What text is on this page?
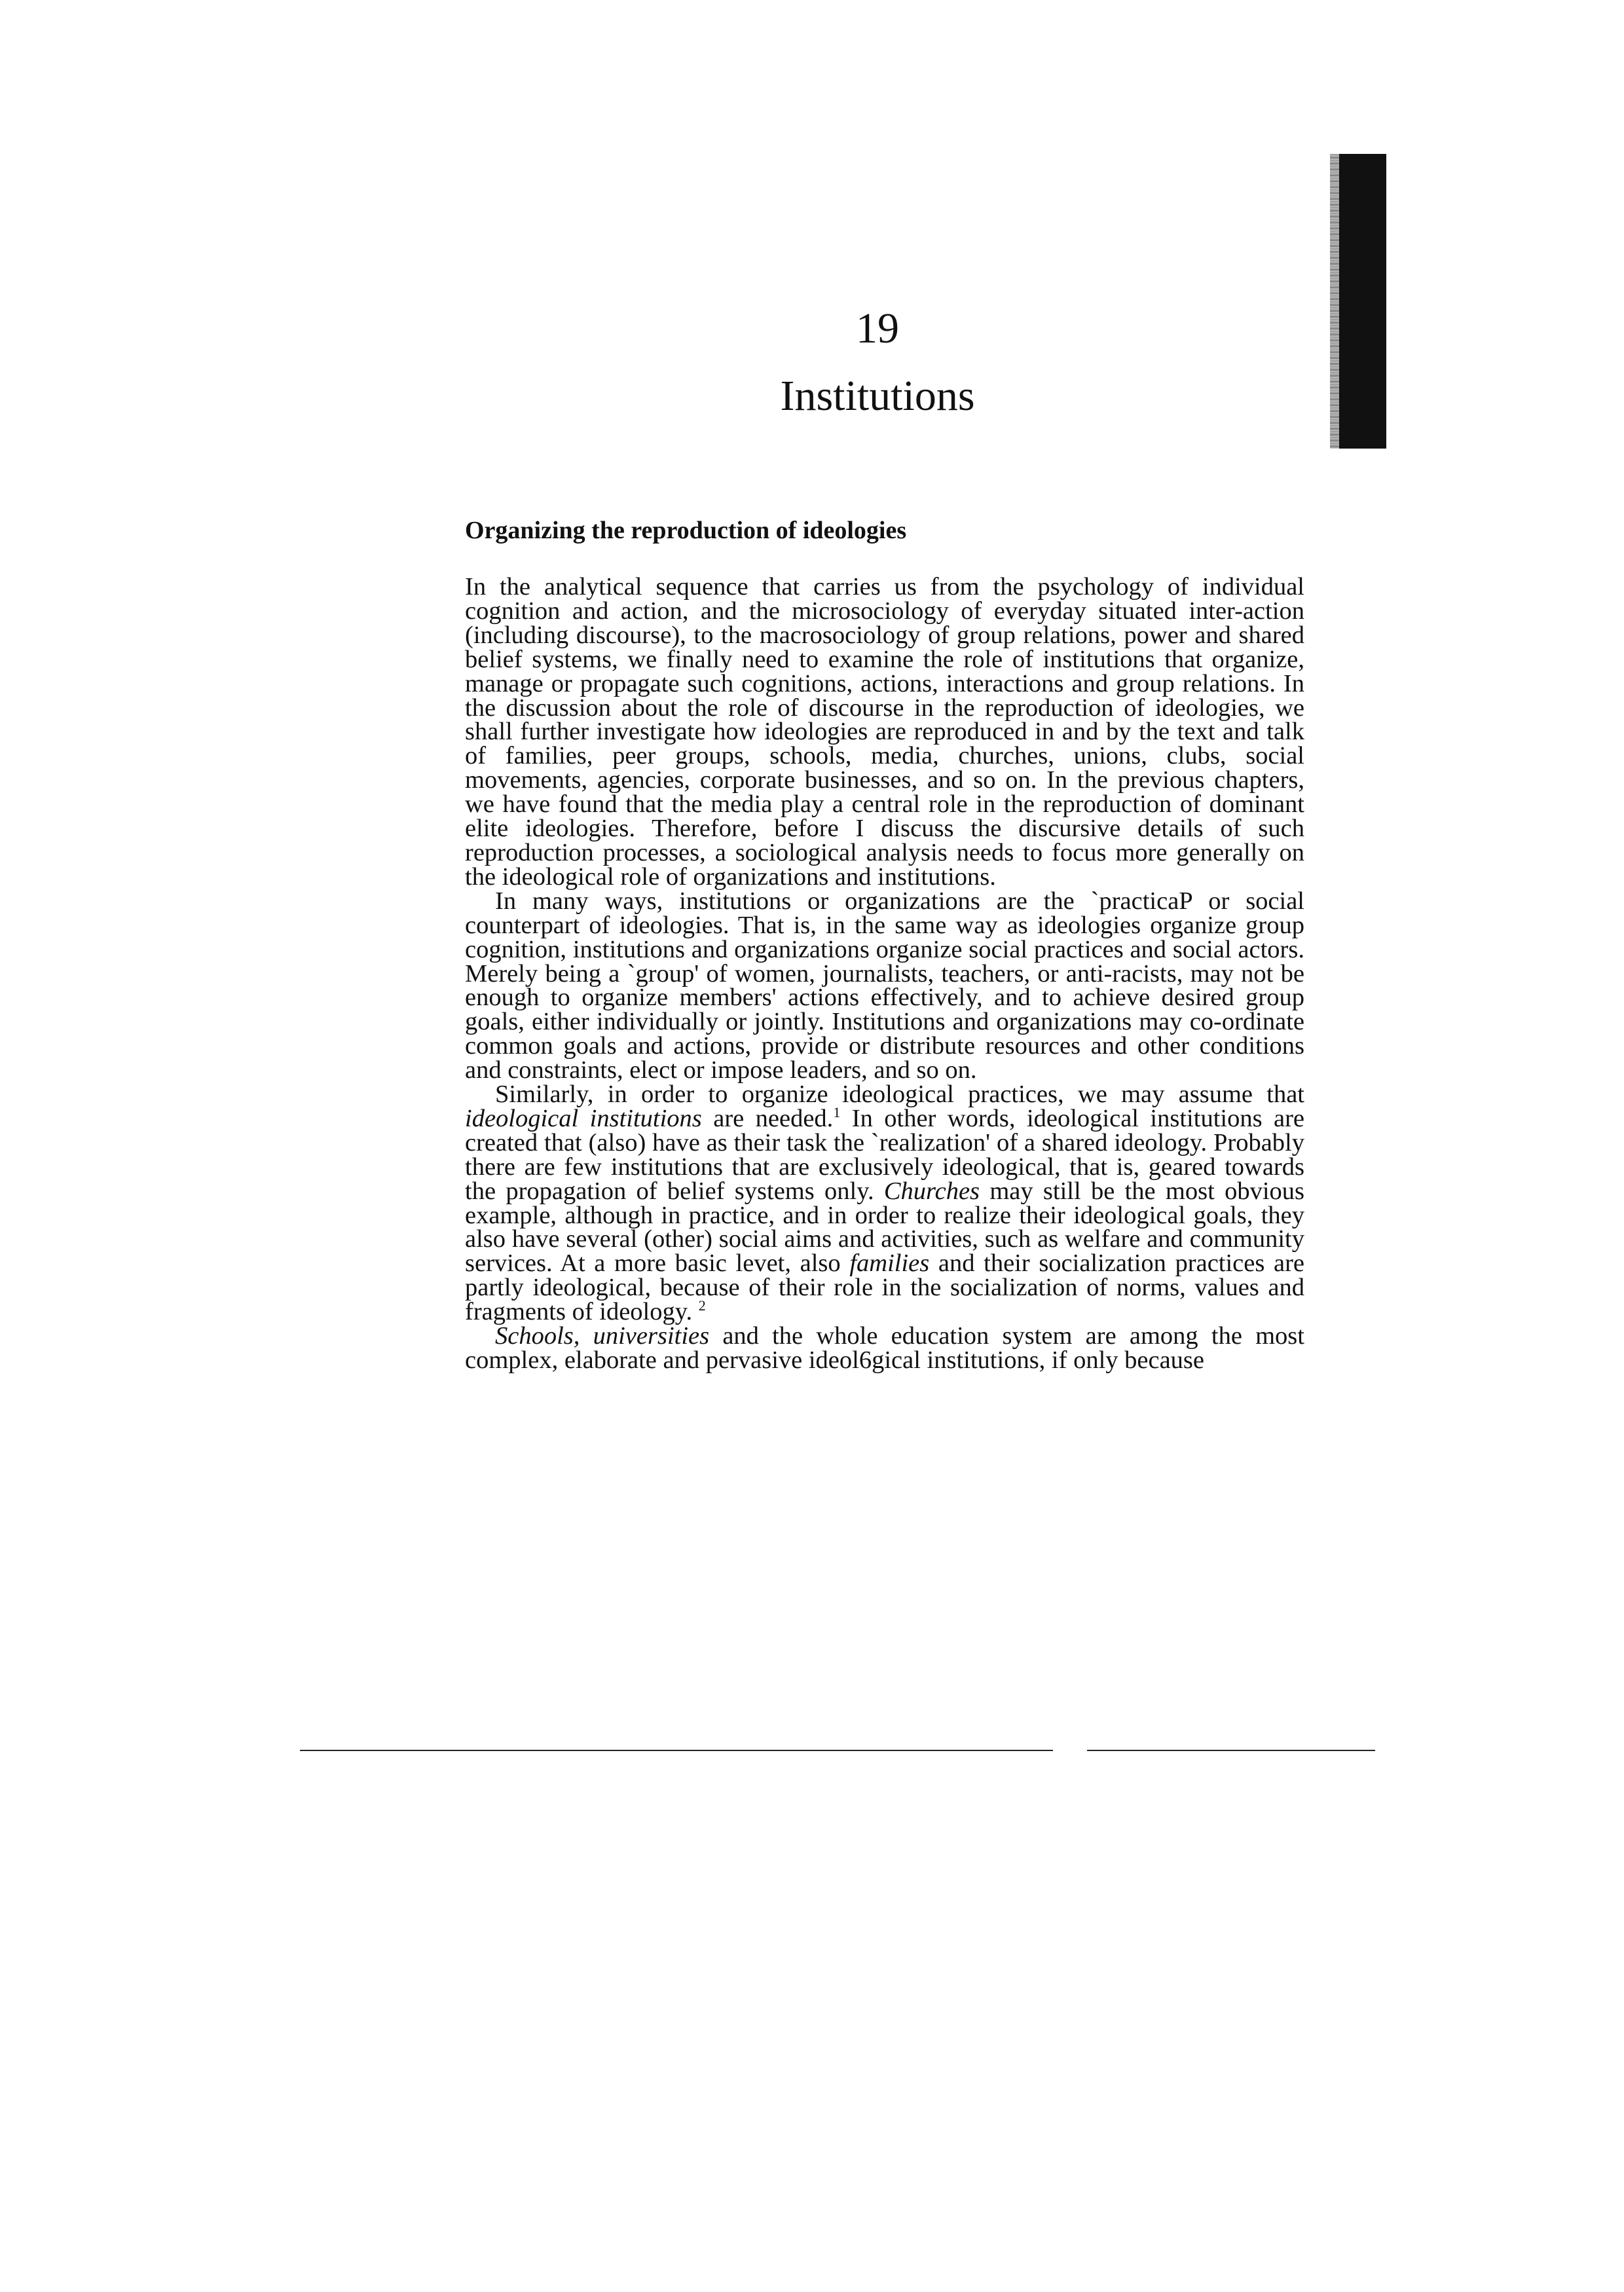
19
Institutions
Organizing the reproduction of ideologies

In the analytical sequence that carries us from the psychology of individual cognition and action, and the microsociology of everyday situated inter-action (including discourse), to the macrosociology of group relations, power and shared belief systems, we finally need to examine the role of institutions that organize, manage or propagate such cognitions, actions, interactions and group relations. In the discussion about the role of discourse in the reproduction of ideologies, we shall further investigate how ideologies are reproduced in and by the text and talk of families, peer groups, schools, media, churches, unions, clubs, social movements, agencies, corporate businesses, and so on. In the previous chapters, we have found that the media play a central role in the reproduction of dominant elite ideologies. Therefore, before I discuss the discursive details of such reproduction processes, a sociological analysis needs to focus more generally on the ideological role of organizations and institutions.

In many ways, institutions or organizations are the `practicaP or social counterpart of ideologies. That is, in the same way as ideologies organize group cognition, institutions and organizations organize social practices and social actors. Merely being a `group' of women, journalists, teachers, or anti-racists, may not be enough to organize members' actions effectively, and to achieve desired group goals, either individually or jointly. Institutions and organizations may co-ordinate common goals and actions, provide or distribute resources and other conditions and constraints, elect or impose leaders, and so on.

Similarly, in order to organize ideological practices, we may assume that ideological institutions are needed.$^1$ In other words, ideological institutions are created that (also) have as their task the `realization' of a shared ideology. Probably there are few institutions that are exclusively ideological, that is, geared towards the propagation of belief systems only. Churches may still be the most obvious example, although in practice, and in order to realize their ideological goals, they also have several (other) social aims and activities, such as welfare and community services. At a more basic levet, also families and their socialization practices are partly ideological, because of their role in the socialization of norms, values and fragments of ideology. $^2$

Schools, universities and the whole education system are among the most complex, elaborate and pervasive ideol6gical institutions, if only because
